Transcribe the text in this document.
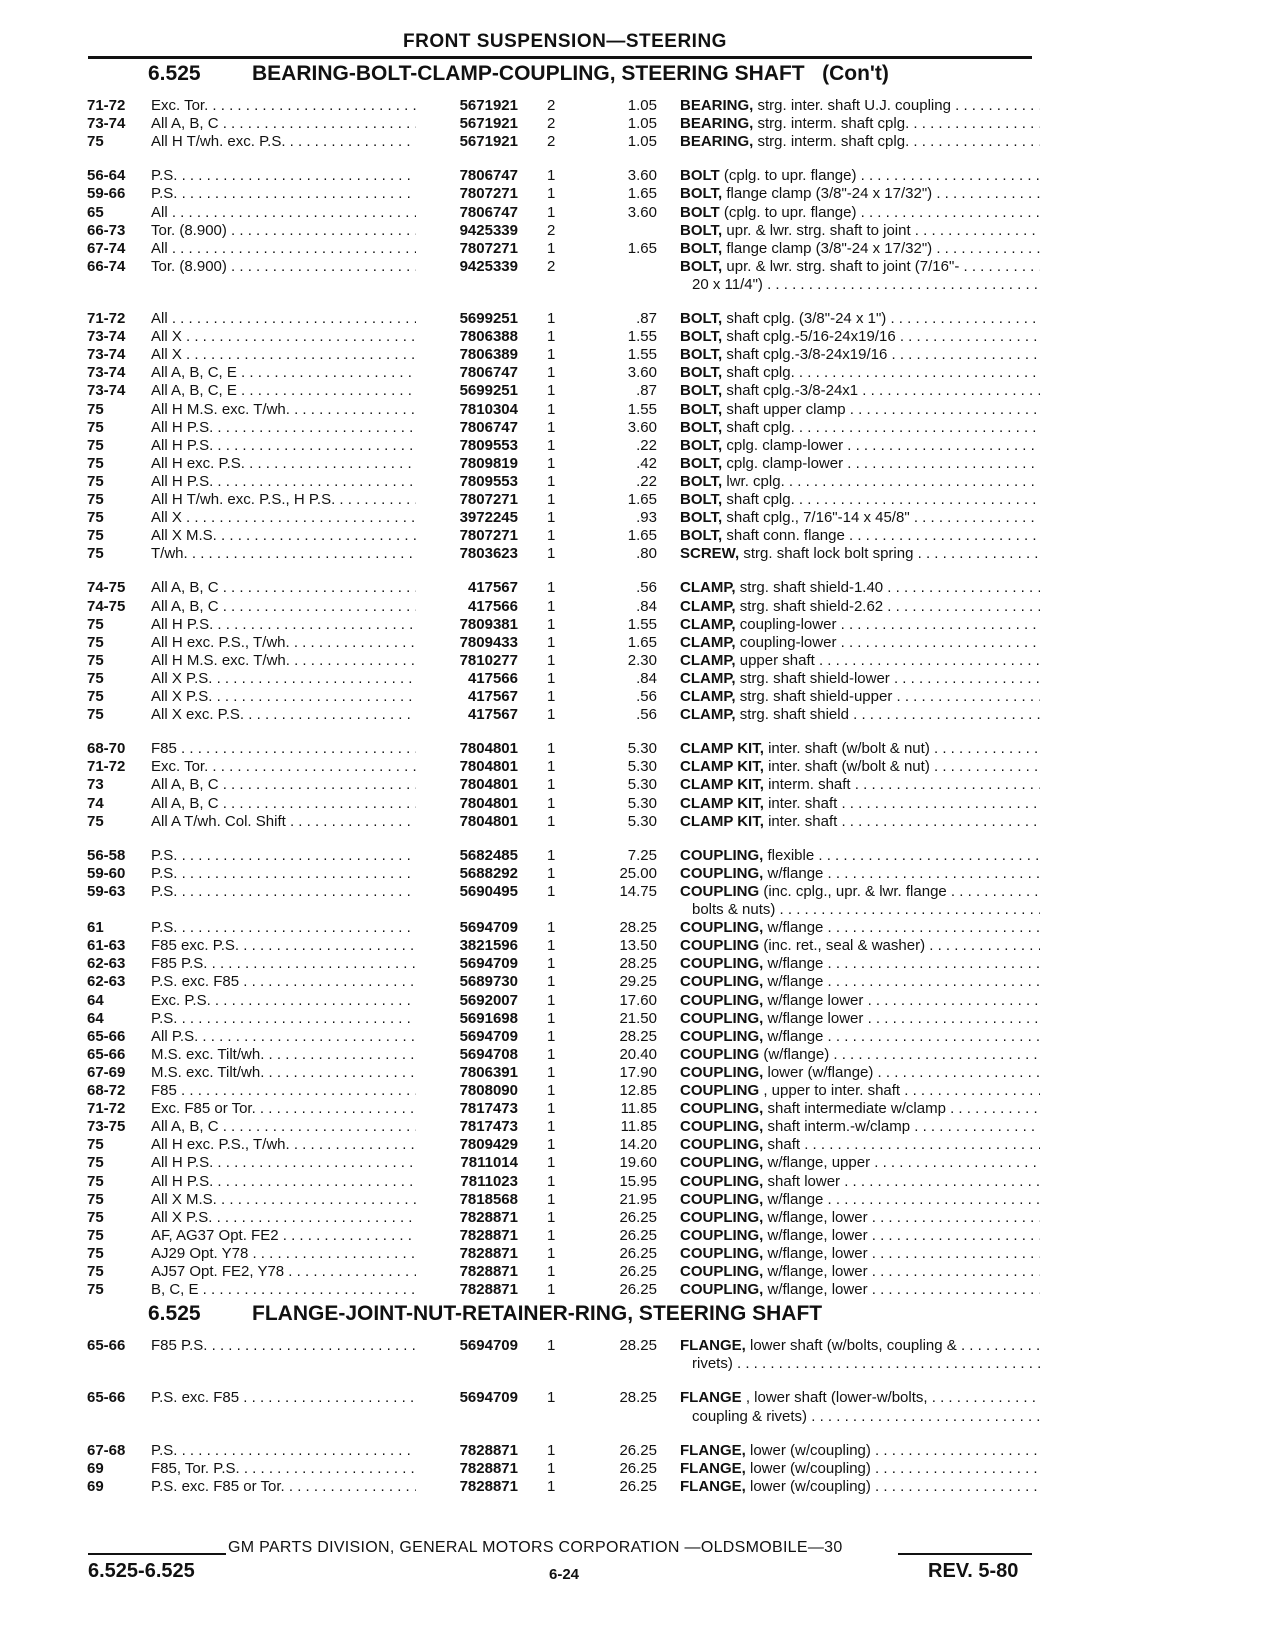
FRONT SUSPENSION—STEERING
6.525 BEARING-BOLT-CLAMP-COUPLING, STEERING SHAFT   (Con't)
71-72 Exc. Tor. . . .	5671921 2	1.05 BEARING, strg. inter. shaft U.J. coupling . . .
73-74 All A, B, C . . .	5671921 2	1.05 BEARING, strg. interm. shaft cplg. . . .
75	All H T/wh. exc. P.S. . . .	5671921 2	1.05 BEARING, strg. interm. shaft cplg. . . .
56-64 P.S. . . .	7806747 1	3.60 BOLT (cplg. to upr. flange) . . .
59-66 P.S. . . .	7807271 1	1.65 BOLT, flange clamp (3/8"-24 x 17/32") . . .
65	All . . .	7806747 1	3.60 BOLT (cplg. to upr. flange) . . .
66-73 Tor. (8.900) . . .	9425339 2	BOLT, upr. & lwr. strg. shaft to joint . . .
67-74 All . . .	7807271 1	1.65 BOLT, flange clamp (3/8"-24 x 17/32") . . .
66-74 Tor. (8.900) . . .	9425339 2	BOLT, upr. & lwr. strg. shaft to joint (7/16"- . . .
20 x 11/4") . . .
71-72 All . . .	5699251 1	.87 BOLT, shaft cplg. (3/8"-24 x 1") . . .
73-74 All X . . .	7806388 1	1.55 BOLT, shaft cplg.-5/16-24x19/16 . . .
73-74 All X . . .	7806389 1	1.55 BOLT, shaft cplg.-3/8-24x19/16 . . .
73-74 All A, B, C, E . . .	7806747 1	3.60 BOLT, shaft cplg. . . .
73-74 All A, B, C, E . . .	5699251 1	.87 BOLT, shaft cplg.-3/8-24x1 . . .
75	All H M.S. exc. T/wh. . . .	7810304 1	1.55 BOLT, shaft upper clamp . . .
75	All H P.S. . . .	7806747 1	3.60 BOLT, shaft cplg. . . .
75	All H P.S. . . .	7809553 1	.22 BOLT, cplg. clamp-lower . . .
75	All H exc. P.S. . . .	7809819 1	.42 BOLT, cplg. clamp-lower . . .
75	All H P.S. . . .	7809553 1	.22 BOLT, lwr. cplg. . . .
75	All H T/wh. exc. P.S., H P.S. . . .	7807271 1	1.65 BOLT, shaft cplg. . . .
75	All X . . .	3972245 1	.93 BOLT, shaft cplg., 7/16"-14 x 45/8" . . .
75	All X M.S. . . .	7807271 1	1.65 BOLT, shaft conn. flange . . .
75	T/wh. . . .	7803623 1	.80 SCREW, strg. shaft lock bolt spring . . .
74-75 All A, B, C . . .	417567 1	.56 CLAMP, strg. shaft shield-1.40 . . .
74-75 All A, B, C . . .	417566 1	.84 CLAMP, strg. shaft shield-2.62 . . .
75	All H P.S. . . .	7809381 1	1.55 CLAMP, coupling-lower . . .
75	All H exc. P.S., T/wh. . . .	7809433 1	1.65 CLAMP, coupling-lower . . .
75	All H M.S. exc. T/wh. . . .	7810277 1	2.30 CLAMP, upper shaft . . .
75	All X P.S. . . .	417566 1	.84 CLAMP, strg. shaft shield-lower . . .
75	All X P.S. . . .	417567 1	.56 CLAMP, strg. shaft shield-upper . . .
75	All X exc. P.S. . . .	417567 1	.56 CLAMP, strg. shaft shield . . .
68-70 F85 . . .	7804801 1	5.30 CLAMP KIT, inter. shaft (w/bolt & nut) . . .
71-72 Exc. Tor. . . .	7804801 1	5.30 CLAMP KIT, inter. shaft (w/bolt & nut) . . .
73	All A, B, C . . .	7804801 1	5.30 CLAMP KIT, interm. shaft . . .
74	All A, B, C . . .	7804801 1	5.30 CLAMP KIT, inter. shaft . . .
75	All A T/wh. Col. Shift . . .	7804801 1	5.30 CLAMP KIT, inter. shaft . . .
56-58 P.S. . . .	5682485 1	7.25 COUPLING, flexible . . .
59-60 P.S. . . .	5688292 1	25.00 COUPLING, w/flange . . .
59-63 P.S. . . .	5690495 1	14.75 COUPLING (inc. cplg., upr. & lwr. flange . . .
bolts & nuts) . . .
61	P.S. . . .	5694709 1	28.25 COUPLING, w/flange . . .
61-63 F85 exc. P.S. . . .	3821596 1	13.50 COUPLING (inc. ret., seal & washer) . . .
62-63 F85 P.S. . . .	5694709 1	28.25 COUPLING, w/flange . . .
62-63 P.S. exc. F85 . . .	5689730 1	29.25 COUPLING, w/flange . . .
64	Exc. P.S. . . .	5692007 1	17.60 COUPLING, w/flange lower . . .
64	P.S. . . .	5691698 1	21.50 COUPLING, w/flange lower . . .
65-66 All P.S. . . .	5694709 1	28.25 COUPLING, w/flange . . .
65-66 M.S. exc. Tilt/wh. . . .	5694708 1	20.40 COUPLING (w/flange) . . .
67-69 M.S. exc. Tilt/wh. . . .	7806391 1	17.90 COUPLING, lower (w/flange) . . .
68-72 F85 . . .	7808090 1	12.85 COUPLING , upper to inter. shaft . . .
71-72 Exc. F85 or Tor. . . .	7817473 1	11.85 COUPLING, shaft intermediate w/clamp . . .
73-75 All A, B, C . . .	7817473 1	11.85 COUPLING, shaft interm.-w/clamp . . .
75	All H exc. P.S., T/wh. . . .	7809429 1	14.20 COUPLING, shaft . . .
75	All H P.S. . . .	7811014 1	19.60 COUPLING, w/flange, upper . . .
75	All H P.S. . . .	7811023 1	15.95 COUPLING, shaft lower . . .
75	All X M.S. . . .	7818568 1	21.95 COUPLING, w/flange . . .
75	All X P.S. . . .	7828871 1	26.25 COUPLING, w/flange, lower . . .
75	AF, AG37 Opt. FE2 . . .	7828871 1	26.25 COUPLING, w/flange, lower . . .
75	AJ29 Opt. Y78 . . .	7828871 1	26.25 COUPLING, w/flange, lower . . .
75	AJ57 Opt. FE2, Y78 . . .	7828871 1	26.25 COUPLING, w/flange, lower . . .
75	B, C, E . . .	7828871 1	26.25 COUPLING, w/flange, lower . . .
6.525 FLANGE-JOINT-NUT-RETAINER-RING, STEERING SHAFT
65-66 F85 P.S. . . .	5694709 1	28.25 FLANGE, lower shaft (w/bolts, coupling & . . .
rivets) . . .
65-66 P.S. exc. F85 . . .	5694709 1	28.25 FLANGE , lower shaft (lower-w/bolts, . . .
coupling & rivets) . . .
67-68 P.S. . . .	7828871 1	26.25 FLANGE, lower (w/coupling) . . .
69	F85, Tor. P.S. . . .	7828871 1	26.25 FLANGE, lower (w/coupling) . . .
69	P.S. exc. F85 or Tor. . . .	7828871 1	26.25 FLANGE, lower (w/coupling) . . .
GM PARTS DIVISION, GENERAL MOTORS CORPORATION —OLDSMOBILE—30
6.525-6.525	6-24	REV. 5-80
